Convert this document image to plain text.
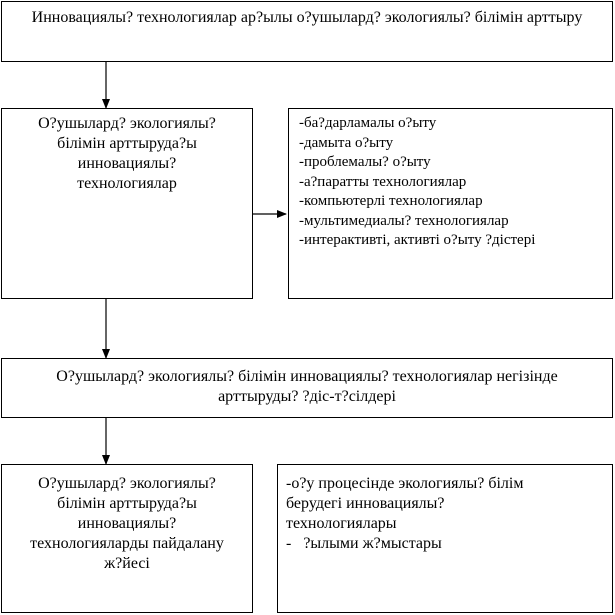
Инновациялы? технологиялар ар?ылы о?ушылард? экологиялы? білімін арттыру
О?ушылард? экологиялы?
білімін арттыруда?ы
инновациялы?
технологиялар
-ба?дарламалы о?ыту
-дамыта о?ыту
-проблемалы? о?ыту
-а?паратты технологиялар
-компьютерлі технологиялар
-мультимедиалы? технологиялар
-интерактивті, активті о?ыту ?дістері
О?ушылард? экологиялы? білімін инновациялы? технологиялар негізінде арттыруды? ?діс-т?сілдері
О?ушылард? экологиялы?
білімін арттыруда?ы
инновациялы?
технологияларды пайдалану
ж?йесі
-о?у процесінде экологиялы? білім
берудегі инновациялы?
технологиялары
-   ?ылыми ж?мыстары
